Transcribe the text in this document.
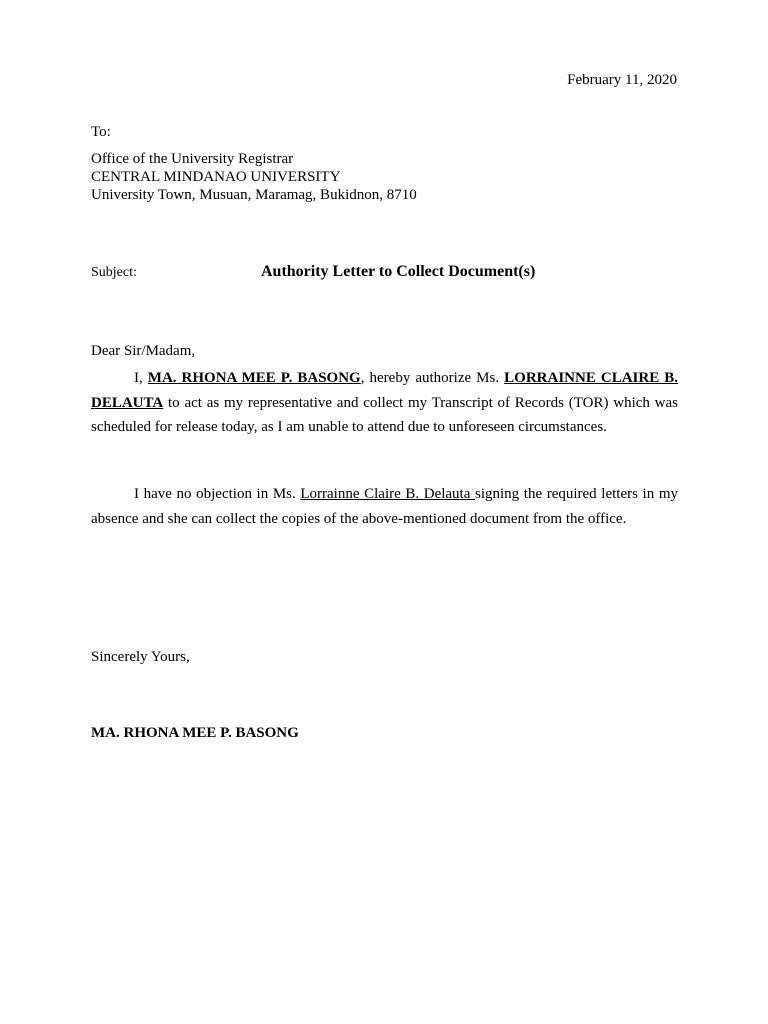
February 11, 2020
To:
Office of the University Registrar
CENTRAL MINDANAO UNIVERSITY
University Town, Musuan, Maramag, Bukidnon, 8710
Subject:	Authority Letter to Collect Document(s)
Dear Sir/Madam,
I, MA. RHONA MEE P. BASONG, hereby authorize Ms. LORRAINNE CLAIRE B. DELAUTA to act as my representative and collect my Transcript of Records (TOR) which was scheduled for release today, as I am unable to attend due to unforeseen circumstances.
I have no objection in Ms. Lorrainne Claire B. Delauta signing the required letters in my absence and she can collect the copies of the above-mentioned document from the office.
Sincerely Yours,
MA. RHONA MEE P. BASONG
